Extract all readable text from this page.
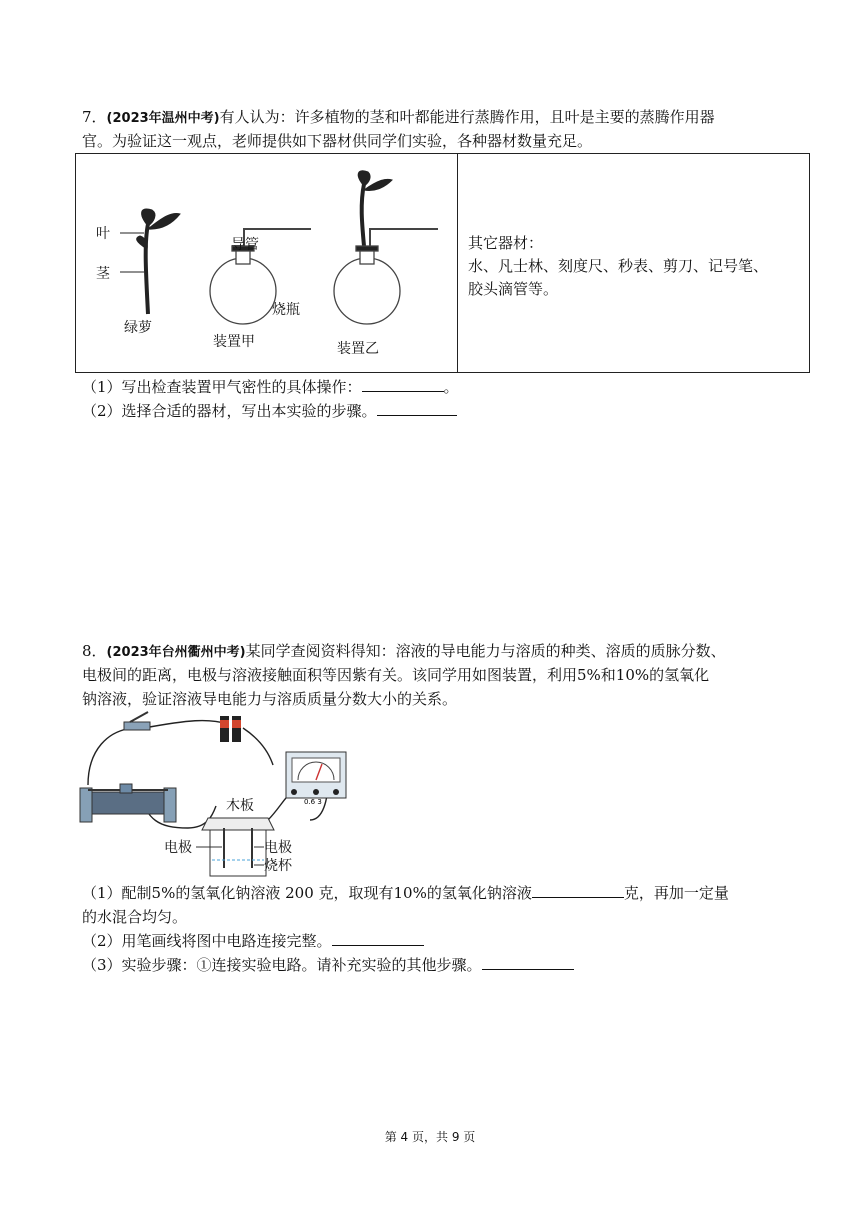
7．(2023年温州中考)有人认为：许多植物的茎和叶都能进行蒸腾作用，且叶是主要的蒸腾作用器
官。为验证这一观点，老师提供如下器材供同学们实验，各种器材数量充足。
叶
茎
绿萝
导管
烧瓶
装置甲	装置乙
其它器材：
水、凡士林、刻度尺、秒表、剪刀、记号笔、
胶头滴管等。
（1）写出检查装置甲气密性的具体操作：	。
（2）选择合适的器材，写出本实验的步骤。
8．(2023年台州衢州中考)某同学查阅资料得知：溶液的导电能力与溶质的种类、溶质的质脉分数、
电极间的距离，电极与溶液接触面积等因紫有关。该同学用如图装置，利用5%和10%的氢氧化
钠溶液，验证溶液导电能力与溶质质量分数大小的关系。
0.6 3
木板
电极	电极
烧杯
（1）配制5%的氢氧化钠溶液 200 克，取现有10%的氢氧化钠溶液	克，再加一定量
的水混合均匀。
（2）用笔画线将图中电路连接完整。
（3）实验步骤：①连接实验电路。请补充实验的其他步骤。
第 4 页，共 9 页
